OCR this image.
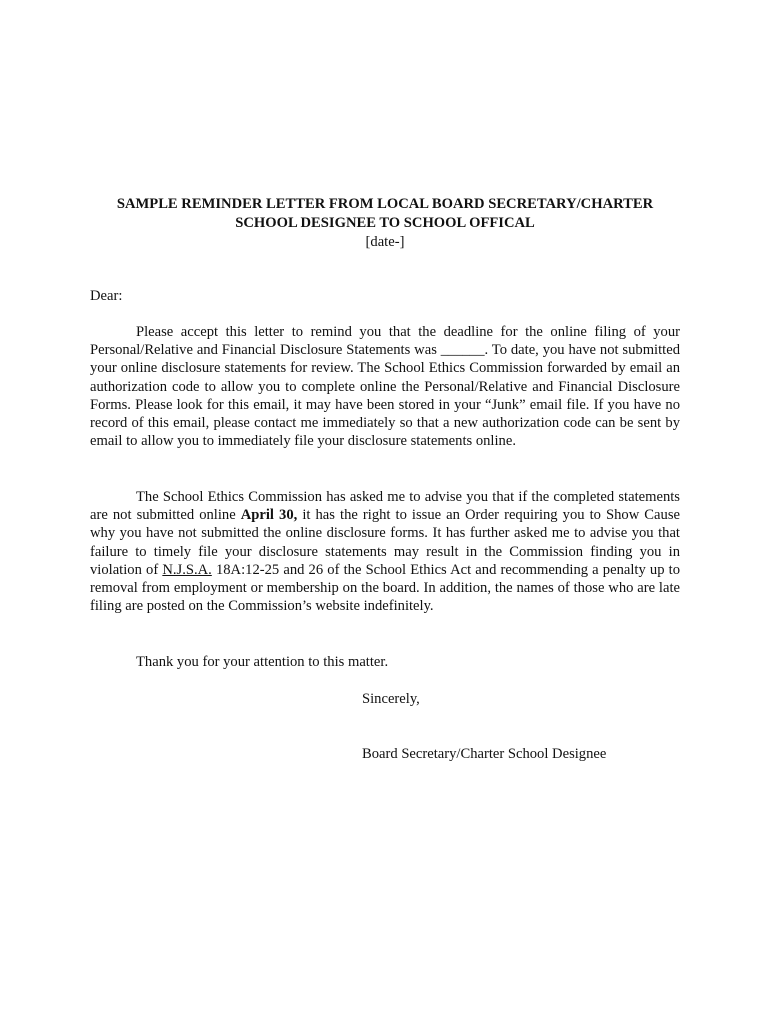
SAMPLE REMINDER LETTER FROM LOCAL BOARD SECRETARY/CHARTER
SCHOOL DESIGNEE TO SCHOOL OFFICAL
[date-]
Dear:

Please accept this letter to remind you that the deadline for the online filing of your Personal/Relative and Financial Disclosure Statements was ______. To date, you have not submitted your online disclosure statements for review. The School Ethics Commission forwarded by email an authorization code to allow you to complete online the Personal/Relative and Financial Disclosure Forms. Please look for this email, it may have been stored in your “Junk” email file. If you have no record of this email, please contact me immediately so that a new authorization code can be sent by email to allow you to immediately file your disclosure statements online.

The School Ethics Commission has asked me to advise you that if the completed statements are not submitted online April 30, it has the right to issue an Order requiring you to Show Cause why you have not submitted the online disclosure forms. It has further asked me to advise you that failure to timely file your disclosure statements may result in the Commission finding you in violation of N.J.S.A. 18A:12-25 and 26 of the School Ethics Act and recommending a penalty up to removal from employment or membership on the board. In addition, the names of those who are late filing are posted on the Commission’s website indefinitely.

Thank you for your attention to this matter.

Sincerely,
Board Secretary/Charter School Designee
